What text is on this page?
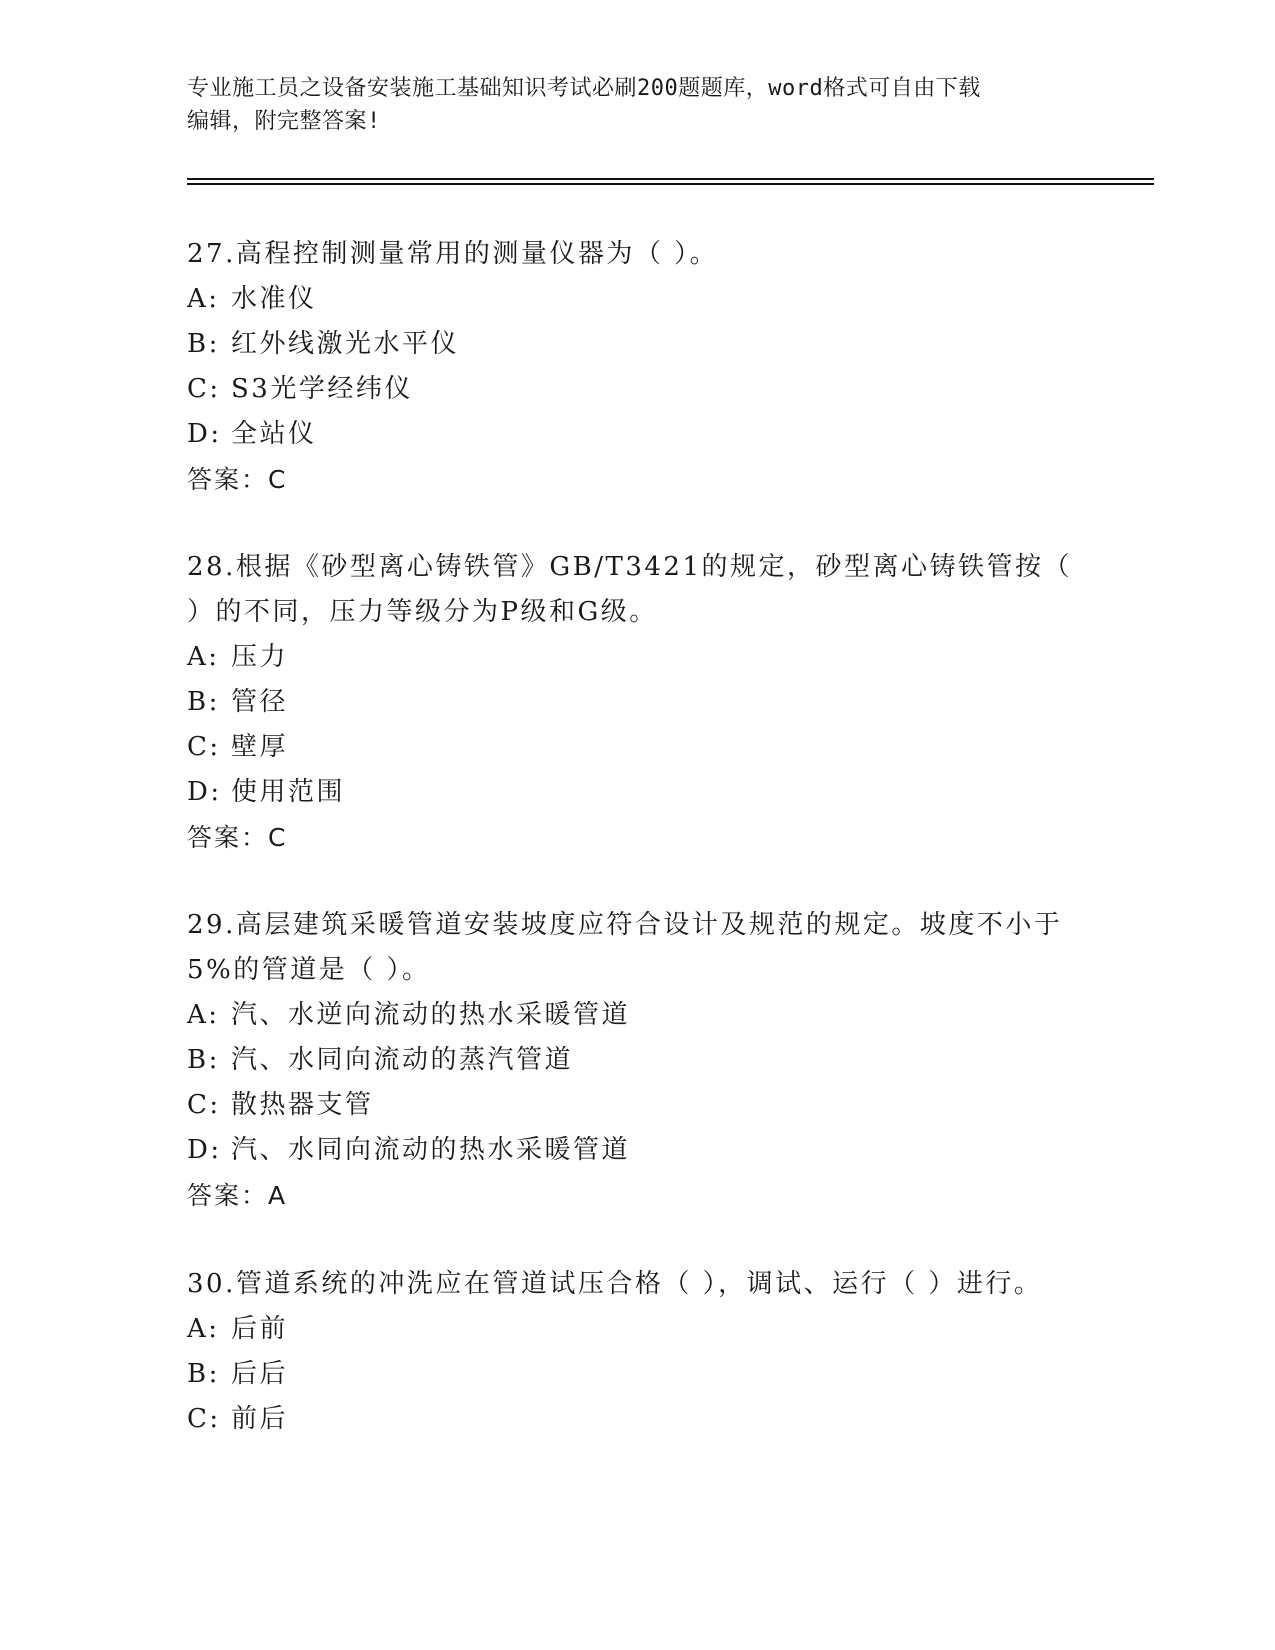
专业施工员之设备安装施工基础知识考试必刷200题题库，word格式可自由下载
编辑，附完整答案!
27.高程控制测量常用的测量仪器为（ ）。
A: 水准仪
B: 红外线激光水平仪
C: S3光学经纬仪
D: 全站仪
答案：C
28.根据《砂型离心铸铁管》GB/T3421的规定，砂型离心铸铁管按（
）的不同，压力等级分为P级和G级。
A: 压力
B: 管径
C: 壁厚
D: 使用范围
答案：C
29.高层建筑采暖管道安装坡度应符合设计及规范的规定。坡度不小于
5%的管道是（ ）。
A: 汽、水逆向流动的热水采暖管道
B: 汽、水同向流动的蒸汽管道
C: 散热器支管
D: 汽、水同向流动的热水采暖管道
答案：A
30.管道系统的冲洗应在管道试压合格（ ），调试、运行（ ）进行。
A: 后前
B: 后后
C: 前后
